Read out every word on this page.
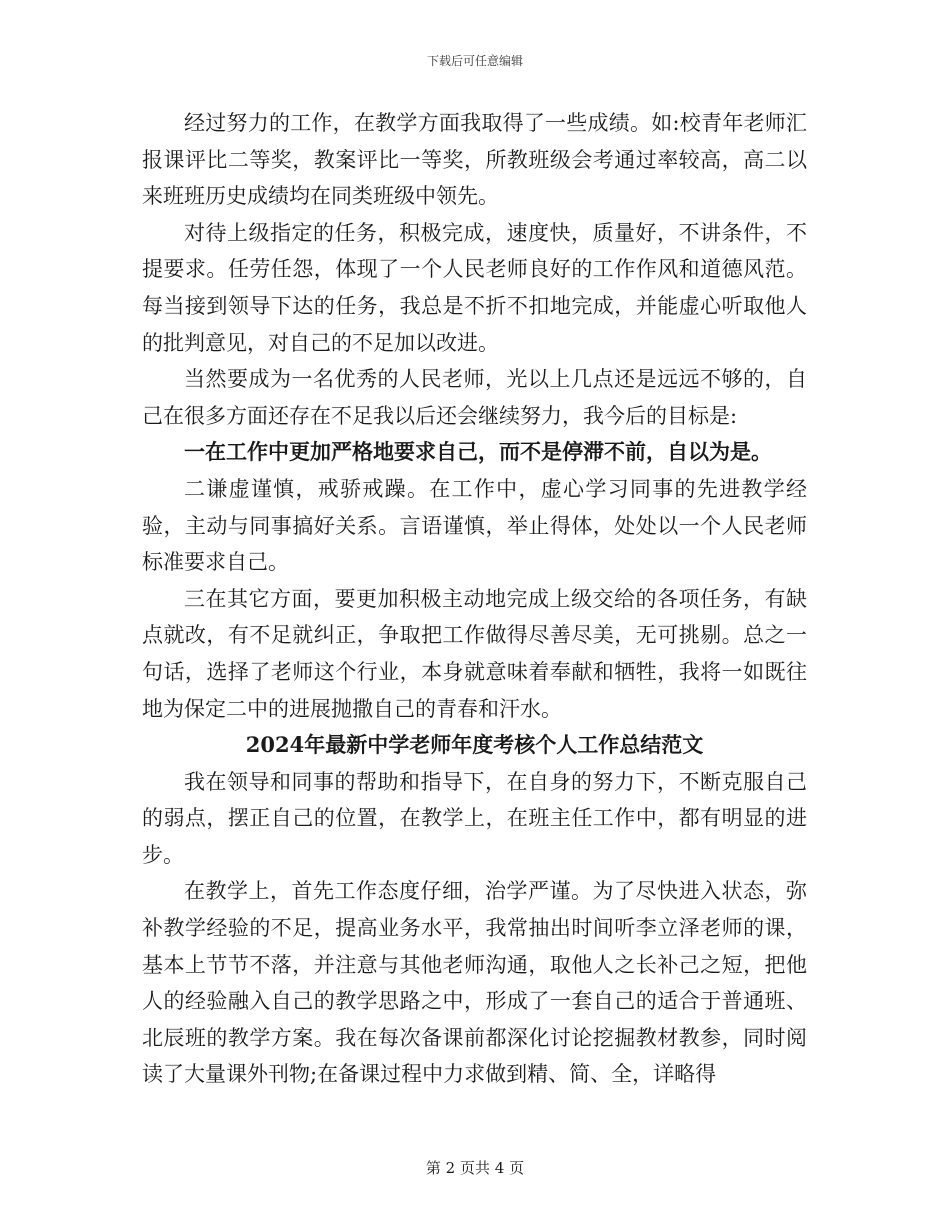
下载后可任意编辑

经过努力的工作，在教学方面我取得了一些成绩。如:校青年老师汇报课评比二等奖，教案评比一等奖，所教班级会考通过率较高，高二以来班班历史成绩均在同类班级中领先。

对待上级指定的任务，积极完成，速度快，质量好，不讲条件，不提要求。任劳任怨，体现了一个人民老师良好的工作作风和道德风范。每当接到领导下达的任务，我总是不折不扣地完成，并能虚心听取他人的批判意见，对自己的不足加以改进。

当然要成为一名优秀的人民老师，光以上几点还是远远不够的，自己在很多方面还存在不足我以后还会继续努力，我今后的目标是:

一在工作中更加严格地要求自己，而不是停滞不前，自以为是。

二谦虚谨慎，戒骄戒躁。在工作中，虚心学习同事的先进教学经验，主动与同事搞好关系。言语谨慎，举止得体，处处以一个人民老师标准要求自己。

三在其它方面，要更加积极主动地完成上级交给的各项任务，有缺点就改，有不足就纠正，争取把工作做得尽善尽美，无可挑剔。总之一句话，选择了老师这个行业，本身就意味着奉献和牺牲，我将一如既往地为保定二中的进展抛撒自己的青春和汗水。

2024年最新中学老师年度考核个人工作总结范文

我在领导和同事的帮助和指导下，在自身的努力下，不断克服自己的弱点，摆正自己的位置，在教学上，在班主任工作中，都有明显的进步。

在教学上，首先工作态度仔细，治学严谨。为了尽快进入状态，弥补教学经验的不足，提高业务水平，我常抽出时间听李立泽老师的课，基本上节节不落，并注意与其他老师沟通，取他人之长补己之短，把他人的经验融入自己的教学思路之中，形成了一套自己的适合于普通班、北辰班的教学方案。我在每次备课前都深化讨论挖掘教材教参，同时阅读了大量课外刊物;在备课过程中力求做到精、简、全，详略得

第 2 页共 4 页
